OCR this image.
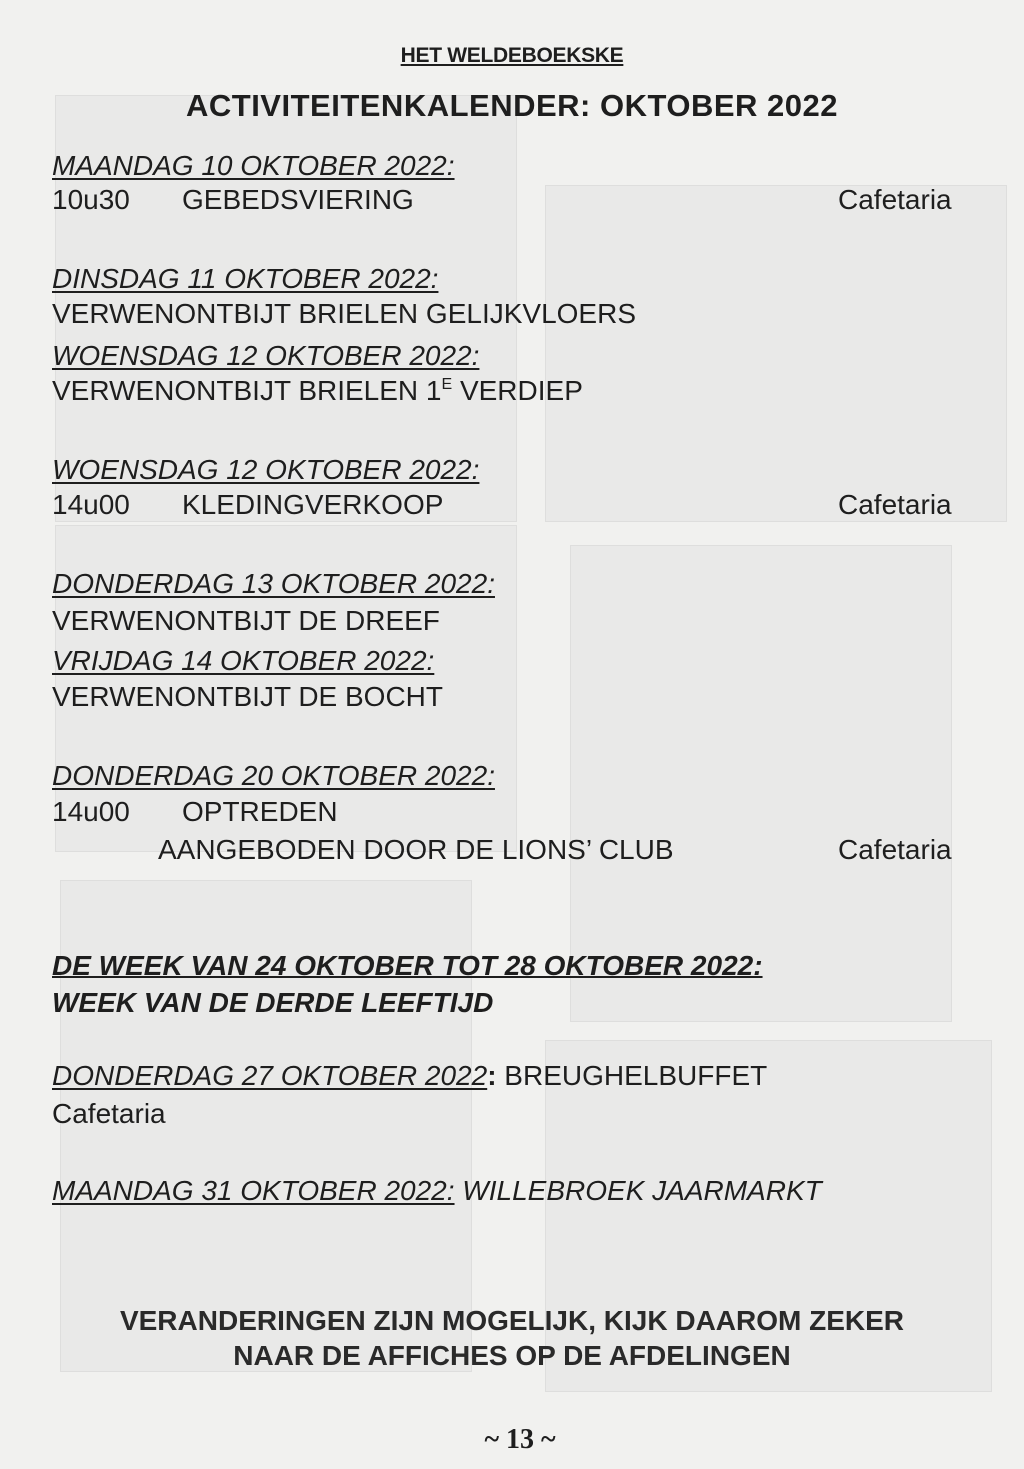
HET WELDEBOEKSKE
ACTIVITEITENKALENDER: OKTOBER 2022
MAANDAG 10 OKTOBER 2022:
10u30 GEBEDSVIERING	Cafetaria
DINSDAG 11 OKTOBER 2022:
VERWENONTBIJT BRIELEN GELIJKVLOERS
WOENSDAG 12 OKTOBER 2022:
VERWENONTBIJT BRIELEN $1^E$ VERDIEP
WOENSDAG 12 OKTOBER 2022:
14u00 KLEDINGVERKOOP	Cafetaria
DONDERDAG 13 OKTOBER 2022:
VERWENONTBIJT DE DREEF
VRIJDAG 14 OKTOBER 2022:
VERWENONTBIJT DE BOCHT
DONDERDAG 20 OKTOBER 2022:
14u00 OPTREDEN
AANGEBODEN DOOR DE LIONS’ CLUB	Cafetaria
DE WEEK VAN 24 OKTOBER TOT 28 OKTOBER 2022:
WEEK VAN DE DERDE LEEFTIJD
DONDERDAG 27 OKTOBER 2022: BREUGHELBUFFET
Cafetaria
MAANDAG 31 OKTOBER 2022: WILLEBROEK JAARMARKT
VERANDERINGEN ZIJN MOGELIJK, KIJK DAAROM ZEKER
NAAR DE AFFICHES OP DE AFDELINGEN
~ 13 ~
